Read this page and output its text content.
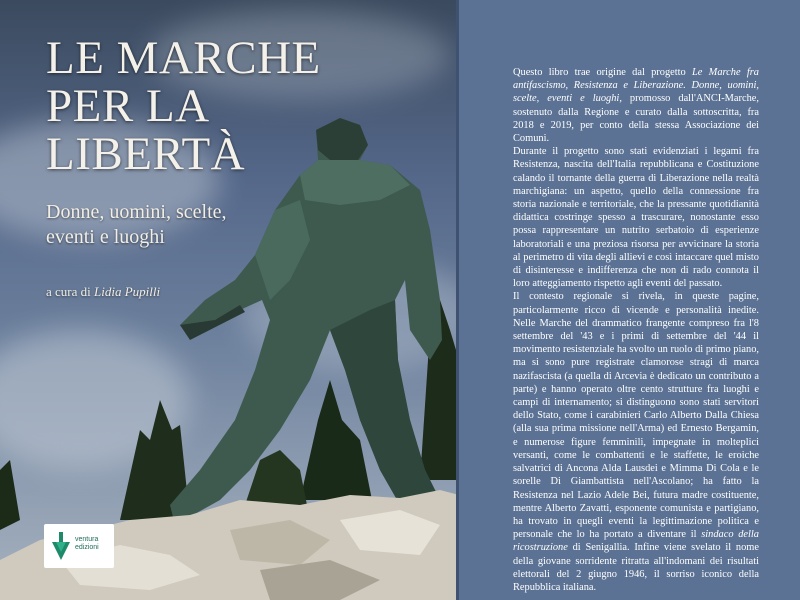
LE MARCHE
PER LA
LIBERTÀ
Donne, uomini, scelte,
eventi e luoghi
a cura di Lidia Pupilli
ventura
edizioni

Questo libro trae origine dal progetto Le Marche fra antifascismo, Resistenza e Liberazione. Donne, uomini, scelte, eventi e luoghi, promosso dall'ANCI-Marche, sostenuto dalla Regione e curato dalla sottoscritta, fra 2018 e 2019, per conto della stessa Associazione dei Comuni.

Durante il progetto sono stati evidenziati i legami fra Resistenza, nascita dell'Italia repubblicana e Costituzione calando il tornante della guerra di Liberazione nella realtà marchigiana: un aspetto, quello della connessione fra storia nazionale e territoriale, che la pressante quotidianità didattica costringe spesso a trascurare, nonostante esso possa rappresentare un nutrito serbatoio di esperienze laboratoriali e una preziosa risorsa per avvicinare la storia al perimetro di vita degli allievi e così intaccare quel misto di disinteresse e indifferenza che non di rado connota il loro atteggiamento rispetto agli eventi del passato.

Il contesto regionale si rivela, in queste pagine, particolarmente ricco di vicende e personalità inedite. Nelle Marche del drammatico frangente compreso fra l'8 settembre del '43 e i primi di settembre del '44 il movimento resistenziale ha svolto un ruolo di primo piano, ma si sono pure registrate clamorose stragi di marca nazifascista (a quella di Arcevia è dedicato un contributo a parte) e hanno operato oltre cento strutture fra luoghi e campi di internamento; si distinguono sono stati servitori dello Stato, come i carabinieri Carlo Alberto Dalla Chiesa (alla sua prima missione nell'Arma) ed Ernesto Bergamin, e numerose figure femminili, impegnate in molteplici versanti, come le combattenti e le staffette, le eroiche salvatrici di Ancona Alda Lausdei e Mimma Di Cola e le sorelle Di Giambattista nell'Ascolano; ha fatto la Resistenza nel Lazio Adele Bei, futura madre costituente, mentre Alberto Zavatti, esponente comunista e partigiano, ha trovato in quegli eventi la legittimazione politica e personale che lo ha portato a diventare il sindaco della ricostruzione di Senigallia. Infine viene svelato il nome della giovane sorridente ritratta all'indomani dei risultati elettorali del 2 giugno 1946, il sorriso iconico della Repubblica italiana.
